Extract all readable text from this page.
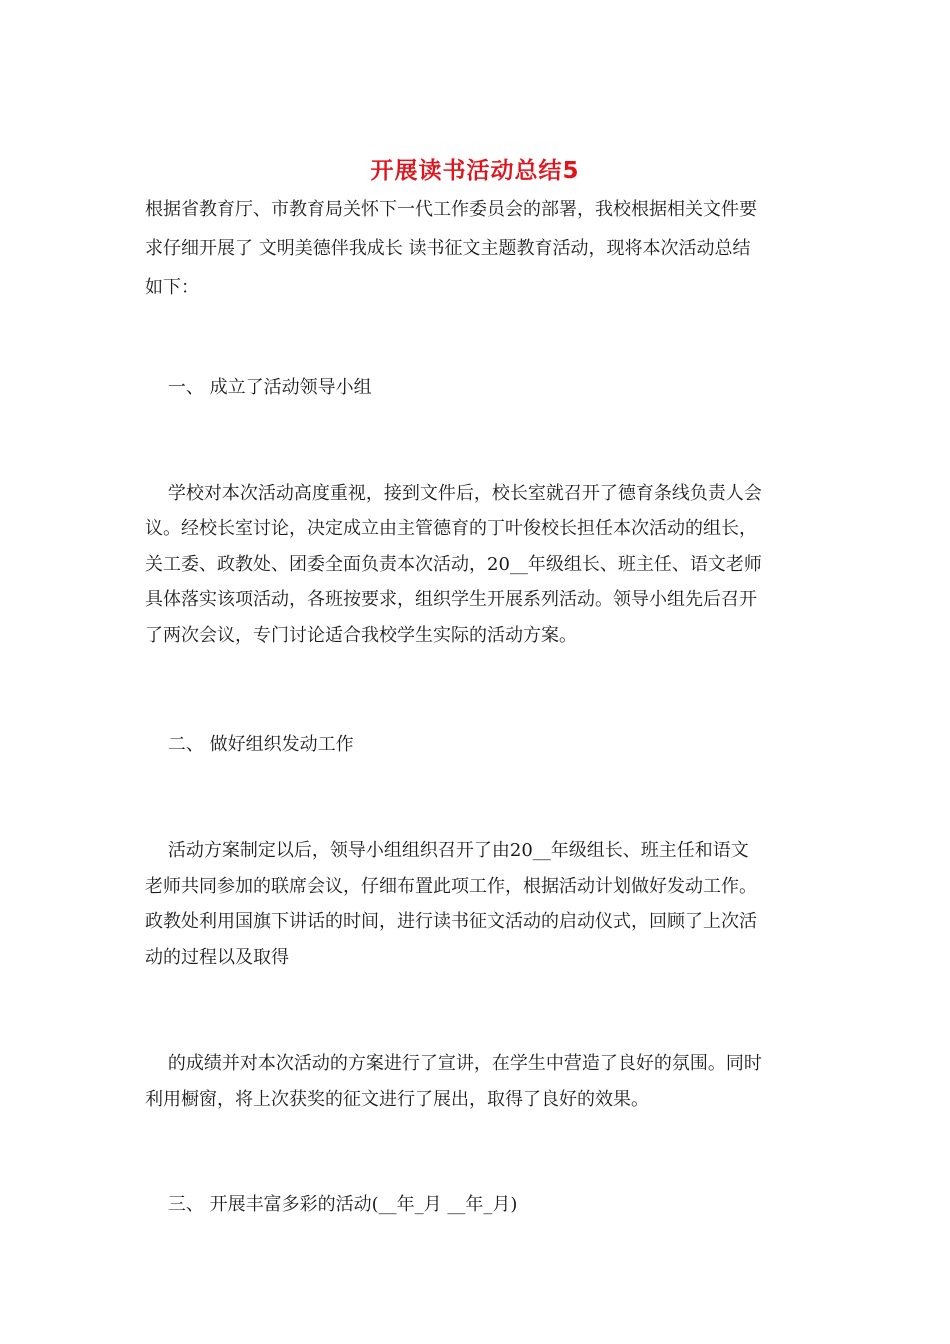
开展读书活动总结5
根据省教育厅、市教育局关怀下一代工作委员会的部署，我校根据相关文件要
求仔细开展了 文明美德伴我成长 读书征文主题教育活动，现将本次活动总结
如下：
一、 成立了活动领导小组
学校对本次活动高度重视，接到文件后，校长室就召开了德育条线负责人会
议。经校长室讨论，决定成立由主管德育的丁叶俊校长担任本次活动的组长，
关工委、政教处、团委全面负责本次活动，20__年级组长、班主任、语文老师
具体落实该项活动，各班按要求，组织学生开展系列活动。领导小组先后召开
了两次会议，专门讨论适合我校学生实际的活动方案。
二、 做好组织发动工作
活动方案制定以后，领导小组组织召开了由20__年级组长、班主任和语文
老师共同参加的联席会议，仔细布置此项工作，根据活动计划做好发动工作。
政教处利用国旗下讲话的时间，进行读书征文活动的启动仪式，回顾了上次活
动的过程以及取得
的成绩并对本次活动的方案进行了宣讲，在学生中营造了良好的氛围。同时
利用橱窗，将上次获奖的征文进行了展出，取得了良好的效果。
三、 开展丰富多彩的活动(__年_月 __年_月)
